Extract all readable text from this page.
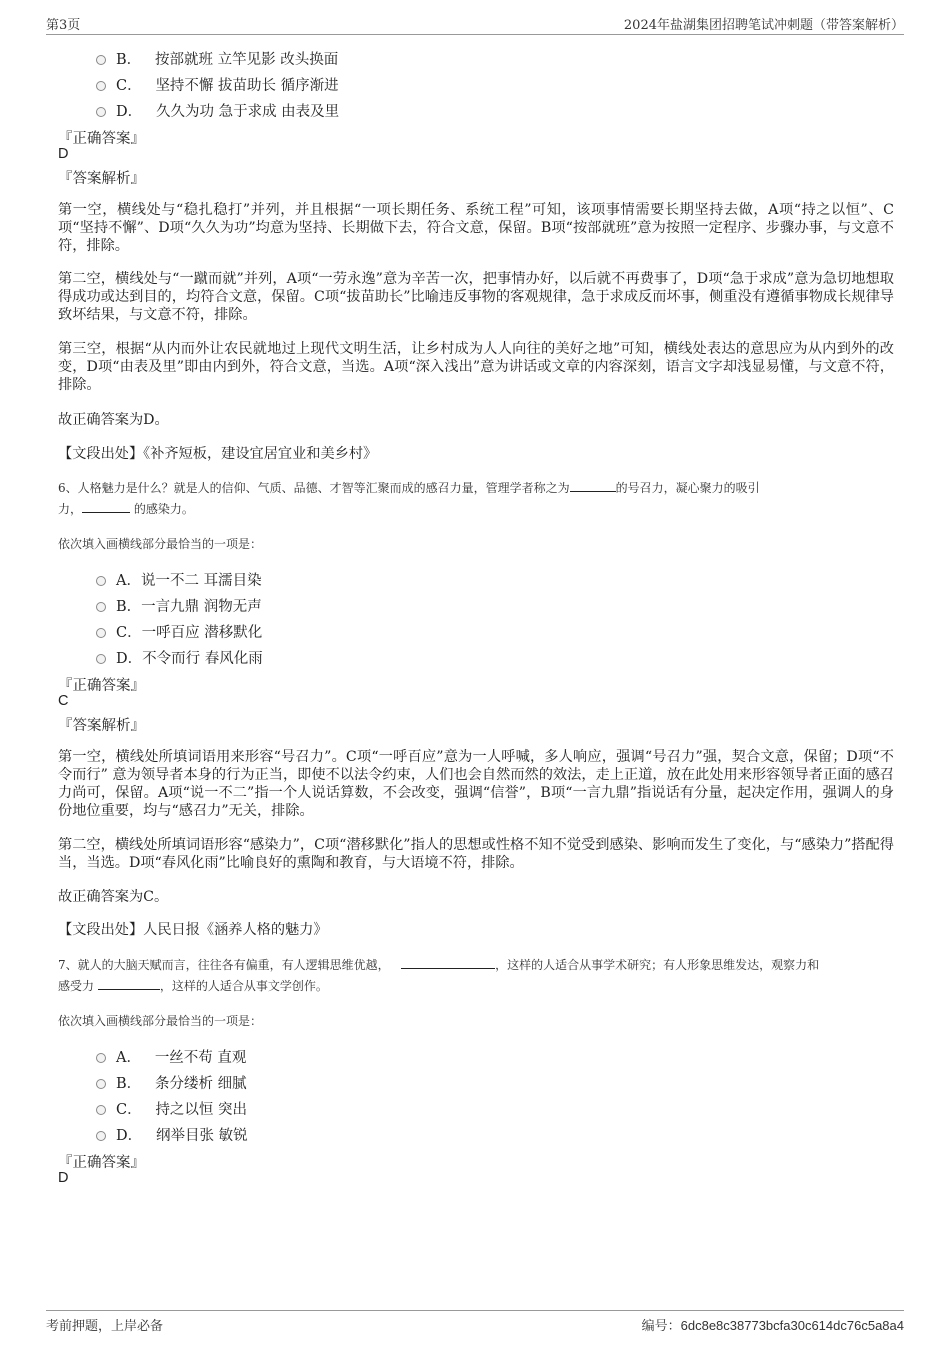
第3页	2024年盐湖集团招聘笔试冲刺题（带答案解析）
B． 按部就班 立竿见影 改头换面
C． 坚持不懈 拔苗助长 循序渐进
D． 久久为功 急于求成 由表及里
『正确答案』
D
『答案解析』
第一空，横线处与“稳扎稳打”并列，并且根据“一项长期任务、系统工程”可知，该项事情需要长期坚持去做，A项“持之以恒”、C项“坚持不懈”、D项“久久为功”均意为坚持、长期做下去，符合文意，保留。B项“按部就班”意为按照一定程序、步骤办事，与文意不符，排除。
第二空，横线处与“一蹴而就”并列，A项“一劳永逸”意为辛苦一次，把事情办好，以后就不再费事了，D项“急于求成”意为急切地想取得成功或达到目的，均符合文意，保留。C项“拔苗助长”比喻违反事物的客观规律，急于求成反而坏事，侧重没有遵循事物成长规律导致坏结果，与文意不符，排除。
第三空，根据“从内而外让农民就地过上现代文明生活，让乡村成为人人向往的美好之地”可知，横线处表达的意思应为从内到外的改变，D项“由表及里”即由内到外，符合文意，当选。A项“深入浅出”意为讲话或文章的内容深刻，语言文字却浅显易懂，与文意不符，排除。
故正确答案为D。
【文段出处】《补齐短板，建设宜居宜业和美乡村》
6、人格魅力是什么？就是人的信仰、气质、品德、才智等汇聚而成的感召力量，管理学者称之为	的号召力，凝心聚力的吸引
力，	的感染力。
依次填入画横线部分最恰当的一项是：
A．说一不二 耳濡目染
B．一言九鼎 润物无声
C．一呼百应 潜移默化
D．不令而行 春风化雨
『正确答案』
C
『答案解析』
第一空，横线处所填词语用来形容“号召力”。C项“一呼百应”意为一人呼喊，多人响应，强调“号召力”强，契合文意，保留；D项“不令而行” 意为领导者本身的行为正当，即使不以法令约束，人们也会自然而然的效法，走上正道，放在此处用来形容领导者正面的感召力尚可，保留。A项“说一不二”指一个人说话算数，不会改变，强调“信誉”，B项“一言九鼎”指说话有分量，起决定作用，强调人的身份地位重要，均与“感召力”无关，排除。
第二空，横线处所填词语形容“感染力”，C项“潜移默化”指人的思想或性格不知不觉受到感染、影响而发生了变化，与“感染力”搭配得当，当选。D项“春风化雨”比喻良好的熏陶和教育，与大语境不符，排除。
故正确答案为C。
【文段出处】人民日报《涵养人格的魅力》
7、就人的大脑天赋而言，往往各有偏重，有人逻辑思维优越，	，这样的人适合从事学术研究；有人形象思维发达，观察力和
感受力	，这样的人适合从事文学创作。
依次填入画横线部分最恰当的一项是：
A． 一丝不苟 直观
B． 条分缕析 细腻
C． 持之以恒 突出
D． 纲举目张 敏锐
『正确答案』
D
考前押题，上岸必备	编号：6dc8e8c38773bcfa30c614dc76c5a8a4
